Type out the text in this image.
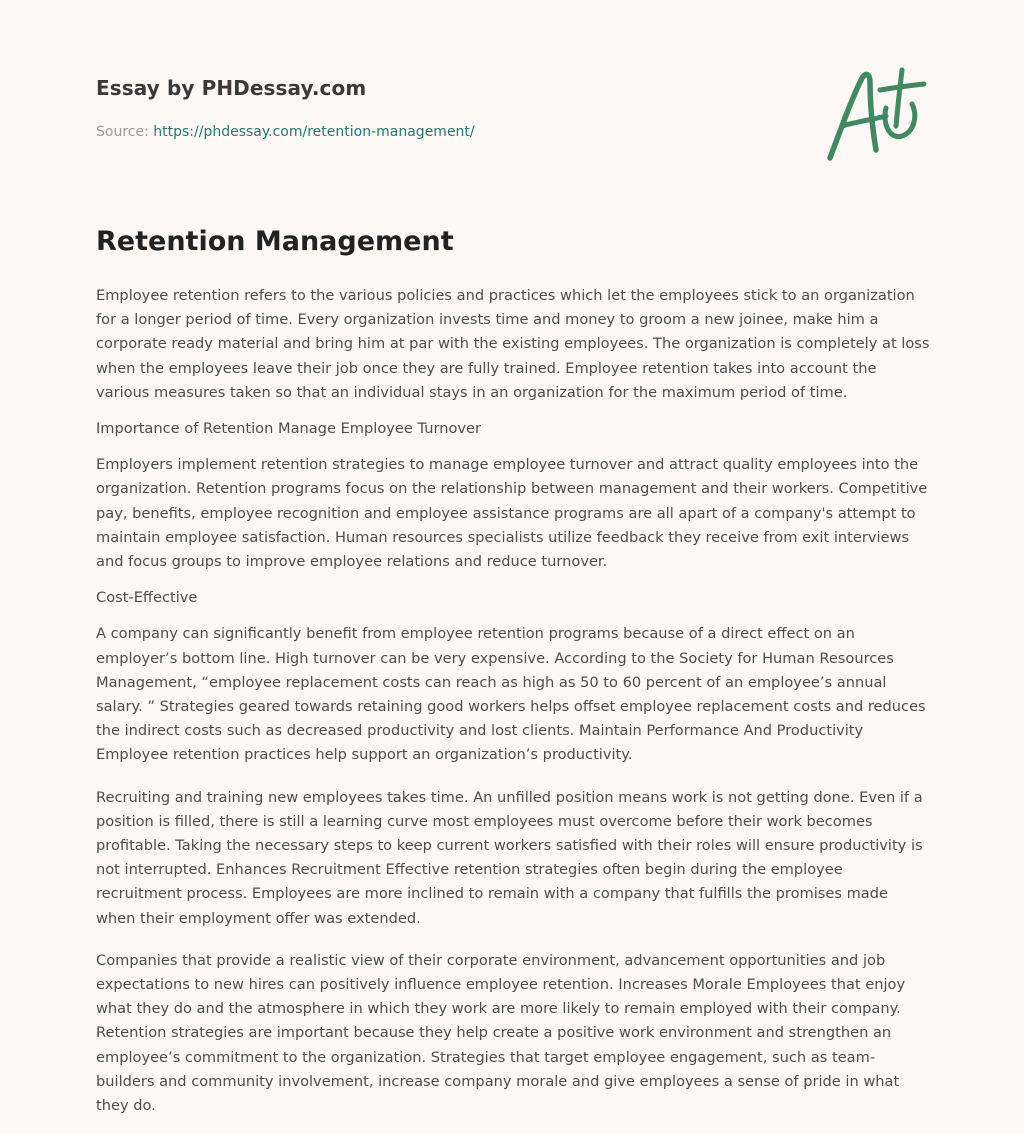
Essay by PHDessay.com
Source: https://phdessay.com/retention-management/
Retention Management

Employee retention refers to the various policies and practices which let the employees stick to an organization for a longer period of time. Every organization invests time and money to groom a new joinee, make him a corporate ready material and bring him at par with the existing employees. The organization is completely at loss when the employees leave their job once they are fully trained. Employee retention takes into account the various measures taken so that an individual stays in an organization for the maximum period of time.

Importance of Retention Manage Employee Turnover

Employers implement retention strategies to manage employee turnover and attract quality employees into the organization. Retention programs focus on the relationship between management and their workers. Competitive pay, benefits, employee recognition and employee assistance programs are all apart of a company's attempt to maintain employee satisfaction. Human resources specialists utilize feedback they receive from exit interviews and focus groups to improve employee relations and reduce turnover.

Cost-Effective

A company can significantly benefit from employee retention programs because of a direct effect on an employer’s bottom line. High turnover can be very expensive. According to the Society for Human Resources Management, “employee replacement costs can reach as high as 50 to 60 percent of an employee’s annual salary. ” Strategies geared towards retaining good workers helps offset employee replacement costs and reduces the indirect costs such as decreased productivity and lost clients. Maintain Performance And Productivity Employee retention practices help support an organization’s productivity.

Recruiting and training new employees takes time. An unfilled position means work is not getting done. Even if a position is filled, there is still a learning curve most employees must overcome before their work becomes profitable. Taking the necessary steps to keep current workers satisfied with their roles will ensure productivity is not interrupted. Enhances Recruitment Effective retention strategies often begin during the employee recruitment process. Employees are more inclined to remain with a company that fulfills the promises made when their employment offer was extended.

Companies that provide a realistic view of their corporate environment, advancement opportunities and job expectations to new hires can positively influence employee retention. Increases Morale Employees that enjoy what they do and the atmosphere in which they work are more likely to remain employed with their company. Retention strategies are important because they help create a positive work environment and strengthen an employee’s commitment to the organization. Strategies that target employee engagement, such as team-builders and community involvement, increase company morale and give employees a sense of pride in what they do.
